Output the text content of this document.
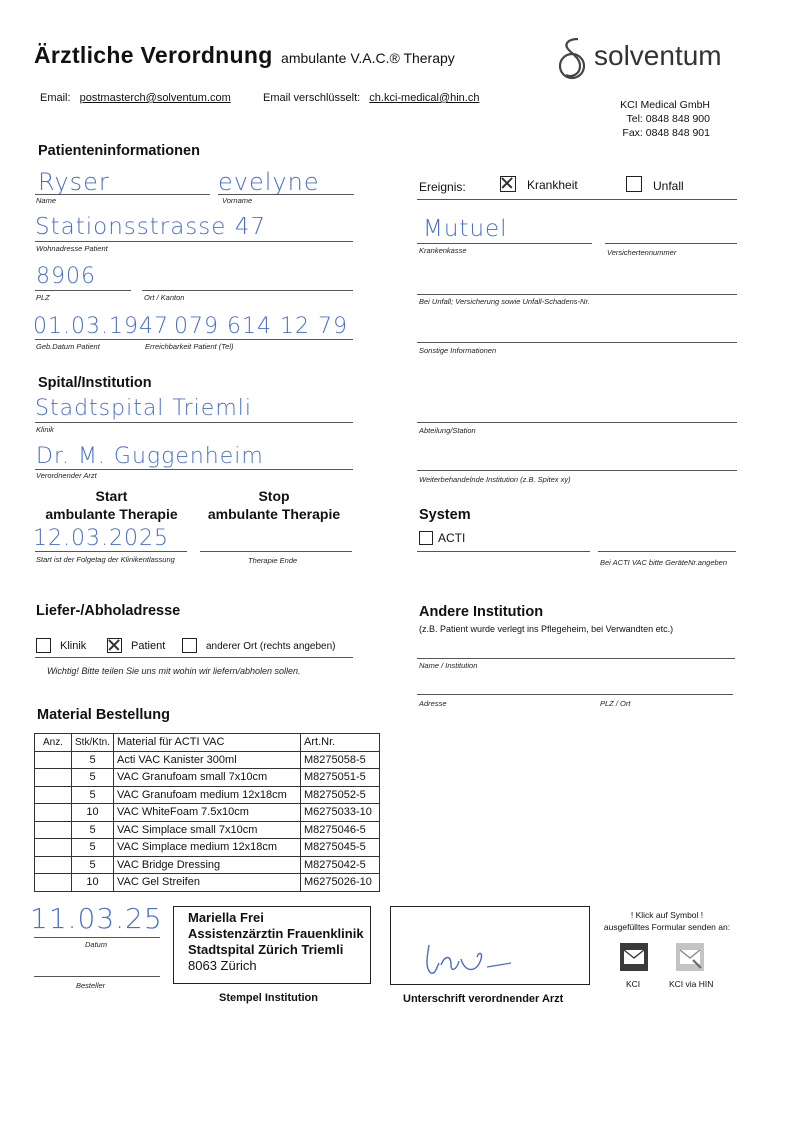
Ärztliche Verordnung ambulante V.A.C.® Therapy	solventum
Email: postmasterch@solventum.com	Email verschlüsselt: ch.kci-medical@hin.ch
KCI Medical GmbH
Tel: 0848 848 900
Fax: 0848 848 901
Patienteninformationen
Ryser
Name
evelyne
Vorname
Stationsstrasse 47
Wohnadresse Patient
8906
PLZ	Ort / Kanton
01.03.1947 079 614 12 79
Geb.Datum Patient	Erreichbarkeit Patient (Tel)
Ereignis:	Krankheit	Unfall
Mutuel
Krankenkasse	Versichertennummer
Bei Unfall; Versicherung sowie Unfall-Schadens-Nr.
Sonstige Informationen
Spital/Institution
Stadtspital Triemli
Klinik
Dr. M. Guggenheim
Verordnender Arzt
Abteilung/Station
Weiterbehandelnde Institution (z.B. Spitex xy)
Start
ambulante Therapie
Stop
ambulante Therapie
12.03.2025
Start ist der Folgetag der Klinikentlassung	Therapie Ende
System
ACTI
Bei ACTI VAC bitte GeräteNr.angeben
Liefer-/Abholadresse
Klinik	Patient	anderer Ort (rechts angeben)
Wichtig! Bitte teilen Sie uns mit wohin wir liefern/abholen sollen.
Andere Institution
(z.B. Patient wurde verlegt ins Pflegeheim, bei Verwandten etc.)
Name / Institution
Adresse	PLZ / Ort
Material Bestellung
Anz.	Stk/Ktn.	Material für ACTI VAC	Art.Nr.
	5	Acti VAC Kanister 300ml	M8275058-5
	5	VAC Granufoam small 7x10cm	M8275051-5
	5	VAC Granufoam medium 12x18cm	M8275052-5
	10	VAC WhiteFoam 7.5x10cm	M6275033-10
	5	VAC Simplace small 7x10cm	M8275046-5
	5	VAC Simplace medium 12x18cm	M8275045-5
	5	VAC Bridge Dressing	M8275042-5
	10	VAC Gel Streifen	M6275026-10
11.03.25
Datum
Besteller
Mariella Frei
Assistenzärztin Frauenklinik
Stadtspital Zürich Triemli
8063 Zürich
Stempel Institution	Unterschrift verordnender Arzt
! Klick auf Symbol !
ausgefülltes Formular senden an:
KCI	KCI via HIN
